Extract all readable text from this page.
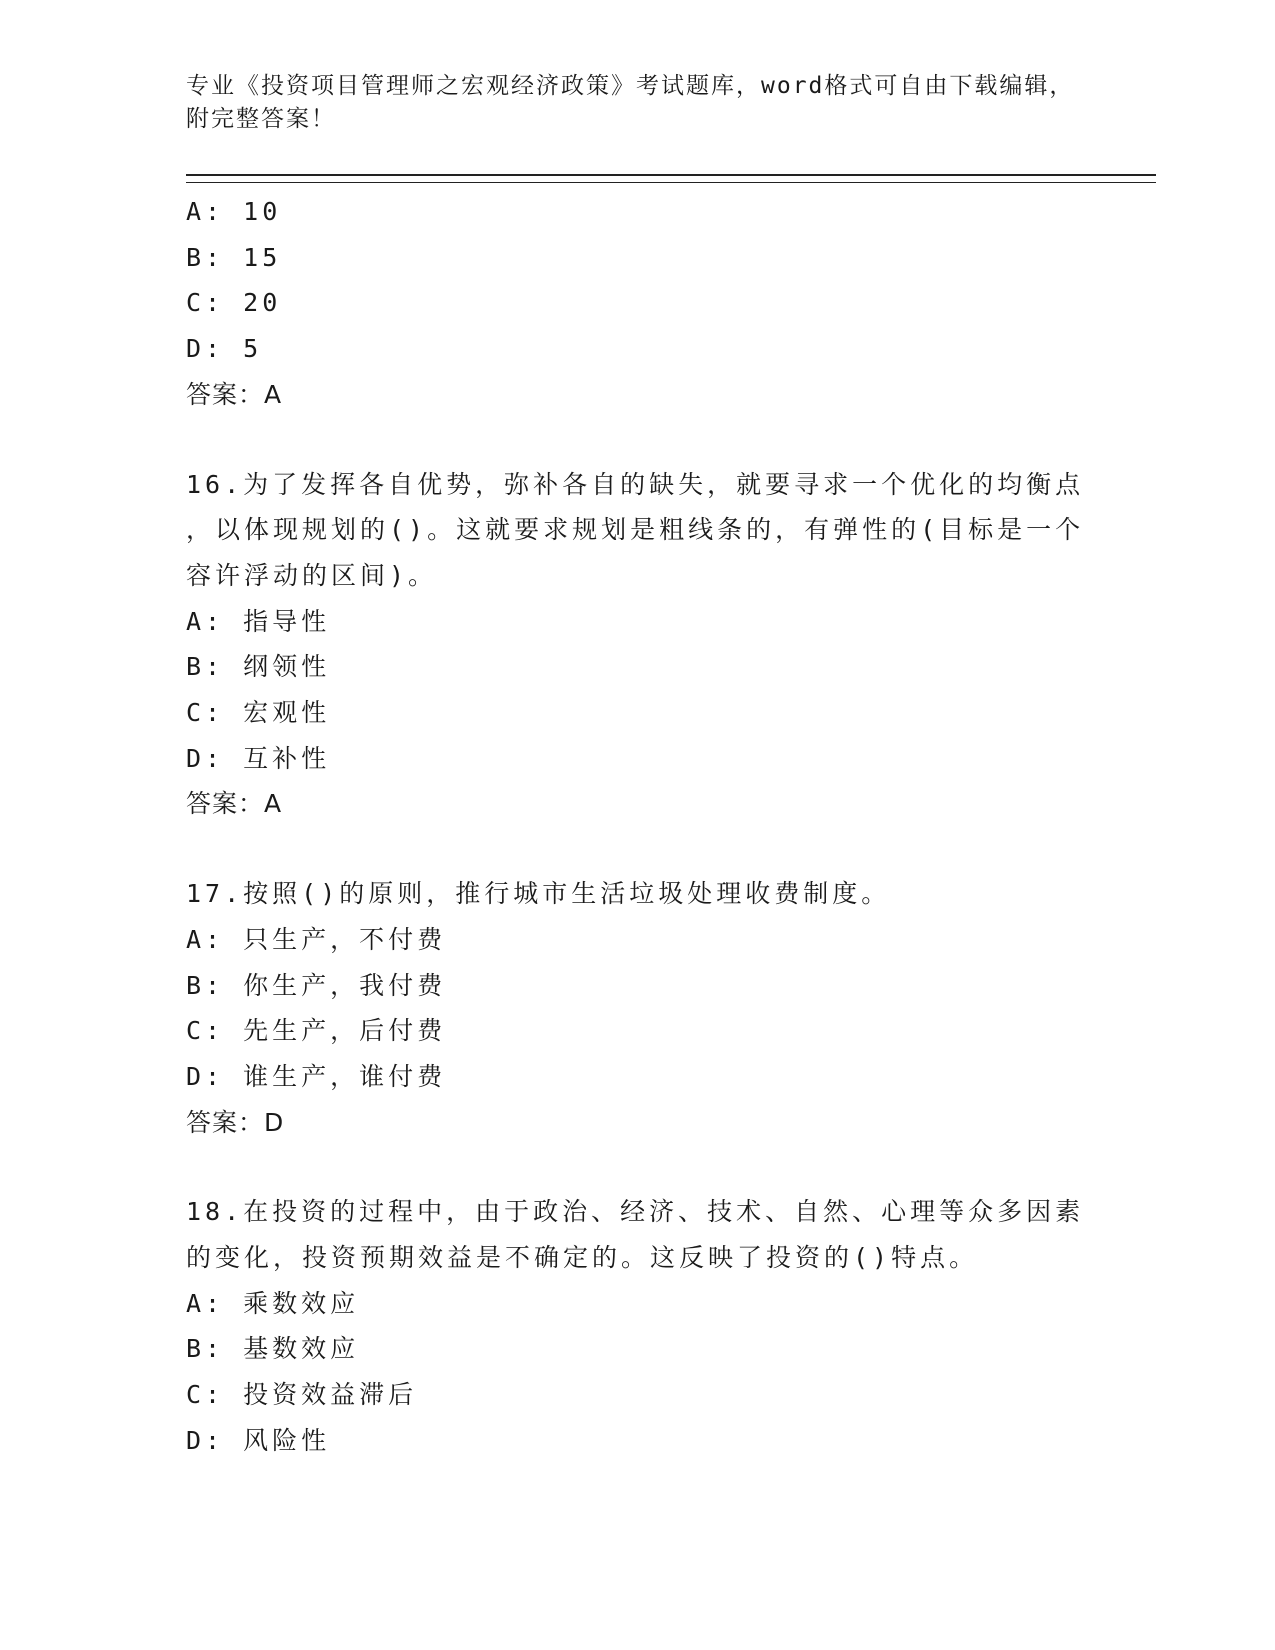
专业《投资项目管理师之宏观经济政策》考试题库，word格式可自由下载编辑，

附完整答案！

A: 10
B: 15
C: 20
D: 5
答案：A
16.为了发挥各自优势，弥补各自的缺失，就要寻求一个优化的均衡点
，以体现规划的()。这就要求规划是粗线条的，有弹性的(目标是一个
容许浮动的区间)。
A: 指导性
B: 纲领性
C: 宏观性
D: 互补性
答案：A
17.按照()的原则，推行城市生活垃圾处理收费制度。
A: 只生产，不付费
B: 你生产，我付费
C: 先生产，后付费
D: 谁生产，谁付费
答案：D
18.在投资的过程中，由于政治、经济、技术、自然、心理等众多因素
的变化，投资预期效益是不确定的。这反映了投资的()特点。
A: 乘数效应
B: 基数效应
C: 投资效益滞后
D: 风险性
